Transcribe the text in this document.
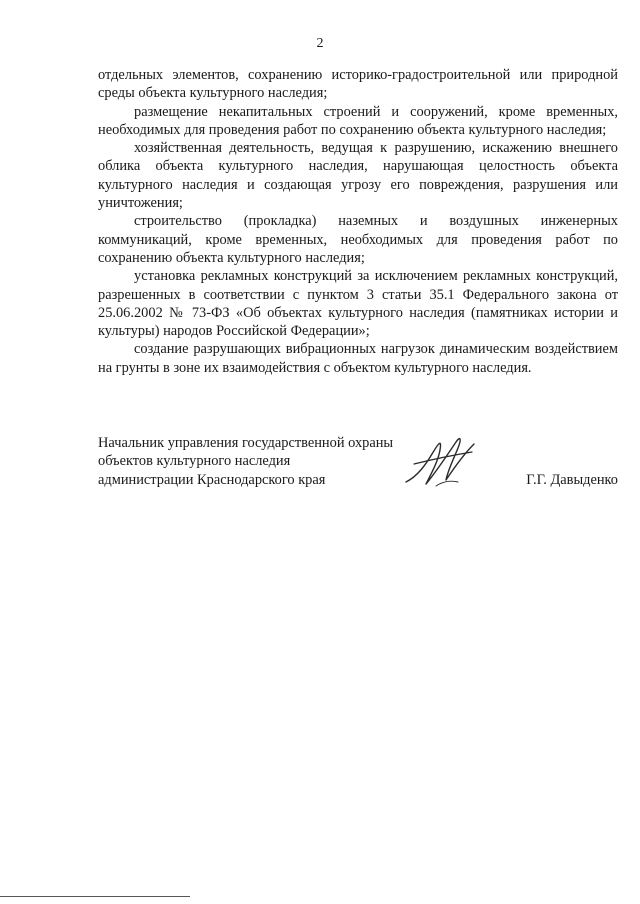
2

отдельных элементов, сохранению историко-градостроительной или природной среды объекта культурного наследия;

размещение некапитальных строений и сооружений, кроме временных, необходимых для проведения работ по сохранению объекта культурного наследия;

хозяйственная деятельность, ведущая к разрушению, искажению внешнего облика объекта культурного наследия, нарушающая целостность объекта культурного наследия и создающая угрозу его повреждения, разрушения или уничтожения;

строительство (прокладка) наземных и воздушных инженерных коммуникаций, кроме временных, необходимых для проведения работ по сохранению объекта культурного наследия;

установка рекламных конструкций за исключением рекламных конструкций, разрешенных в соответствии с пунктом 3 статьи 35.1 Федерального закона от 25.06.2002 № 73-ФЗ «Об объектах культурного наследия (памятниках истории и культуры) народов Российской Федерации»;

создание разрушающих вибрационных нагрузок динамическим воздействием на грунты в зоне их взаимодействия с объектом культурного наследия.

Начальник управления государственной охраны
объектов культурного наследия
администрации Краснодарского края	Г.Г. Давыденко
